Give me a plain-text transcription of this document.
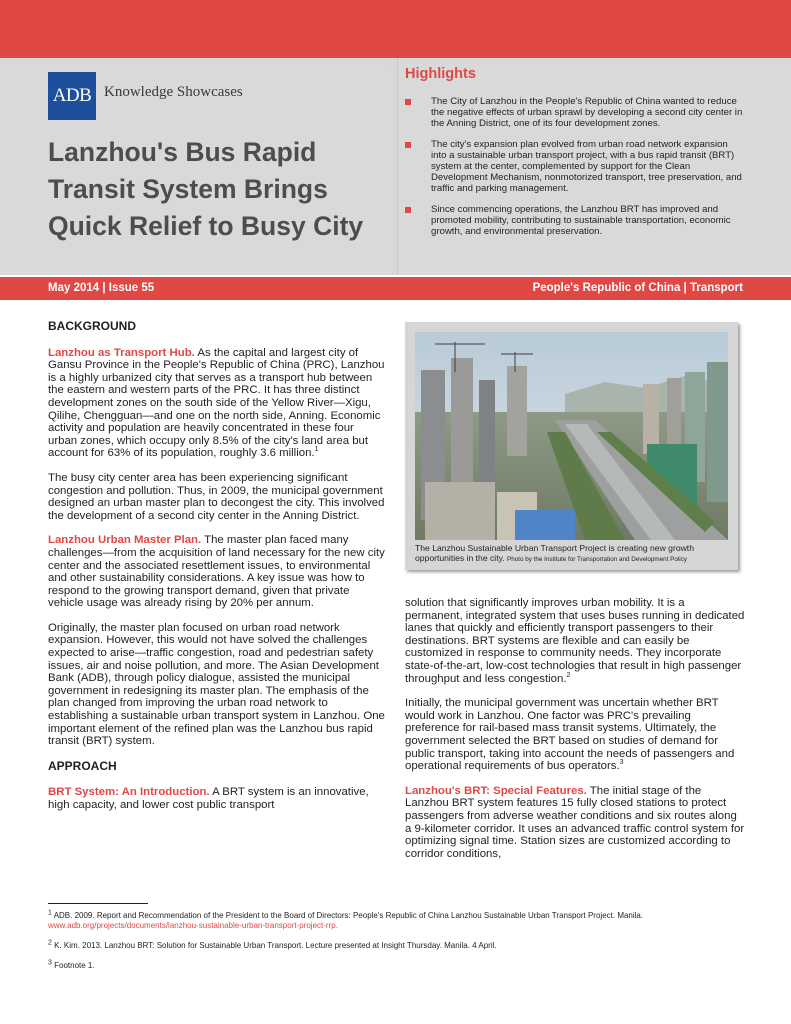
ADB Knowledge Showcases
Lanzhou's Bus Rapid Transit System Brings Quick Relief to Busy City
Highlights
The City of Lanzhou in the People's Republic of China wanted to reduce the negative effects of urban sprawl by developing a second city center in the Anning District, one of its four development zones.
The city's expansion plan evolved from urban road network expansion into a sustainable urban transport project, with a bus rapid transit (BRT) system at the center, complemented by support for the Clean Development Mechanism, nonmotorized transport, tree preservation, and traffic and parking management.
Since commencing operations, the Lanzhou BRT has improved and promoted mobility, contributing to sustainable transportation, economic growth, and environmental preservation.
May 2014 | Issue 55	People's Republic of China | Transport
BACKGROUND

Lanzhou as Transport Hub. As the capital and largest city of Gansu Province in the People's Republic of China (PRC), Lanzhou is a highly urbanized city that serves as a transport hub between the eastern and western parts of the PRC. It has three distinct development zones on the south side of the Yellow River—Xigu, Qilihe, Chengguan—and one on the north side, Anning. Economic activity and population are heavily concentrated in these four urban zones, which occupy only 8.5% of the city's land area but account for 63% of its population, roughly 3.6 million.$^1$

The busy city center area has been experiencing significant congestion and pollution. Thus, in 2009, the municipal government designed an urban master plan to decongest the city. This involved the development of a second city center in the Anning District.

Lanzhou Urban Master Plan. The master plan faced many challenges—from the acquisition of land necessary for the new city center and the associated resettlement issues, to environmental and other sustainability considerations. A key issue was how to respond to the growing transport demand, given that private vehicle usage was already rising by 20% per annum.

Originally, the master plan focused on urban road network expansion. However, this would not have solved the challenges expected to arise—traffic congestion, road and pedestrian safety issues, air and noise pollution, and more. The Asian Development Bank (ADB), through policy dialogue, assisted the municipal government in redesigning its master plan. The emphasis of the plan changed from improving the urban road network to establishing a sustainable urban transport system in Lanzhou. One important element of the refined plan was the Lanzhou bus rapid transit (BRT) system.

APPROACH

BRT System: An Introduction. A BRT system is an innovative, high capacity, and lower cost public transport

The Lanzhou Sustainable Urban Transport Project is creating new growth opportunities in the city. Photo by the Institute for Transportation and Development Policy

solution that significantly improves urban mobility. It is a permanent, integrated system that uses buses running in dedicated lanes that quickly and efficiently transport passengers to their destinations. BRT systems are flexible and can easily be customized in response to community needs. They incorporate state-of-the-art, low-cost technologies that result in high passenger throughput and less congestion.$^2$

Initially, the municipal government was uncertain whether BRT would work in Lanzhou. One factor was PRC's prevailing preference for rail-based mass transit systems. Ultimately, the government selected the BRT based on studies of demand for public transport, taking into account the needs of passengers and operational requirements of bus operators.$^3$

Lanzhou's BRT: Special Features. The initial stage of the Lanzhou BRT system features 15 fully closed stations to protect passengers from adverse weather conditions and six routes along a 9-kilometer corridor. It uses an advanced traffic control system for optimizing signal time. Station sizes are customized according to corridor conditions,

$^1$ ADB. 2009. Report and Recommendation of the President to the Board of Directors: People's Republic of China Lanzhou Sustainable Urban Transport Project. Manila.
www.adb.org/projects/documents/lanzhou-sustainable-urban-transport-project-rrp.

$^2$ K. Kim. 2013. Lanzhou BRT: Solution for Sustainable Urban Transport. Lecture presented at Insight Thursday. Manila. 4 April.

$^3$ Footnote 1.
